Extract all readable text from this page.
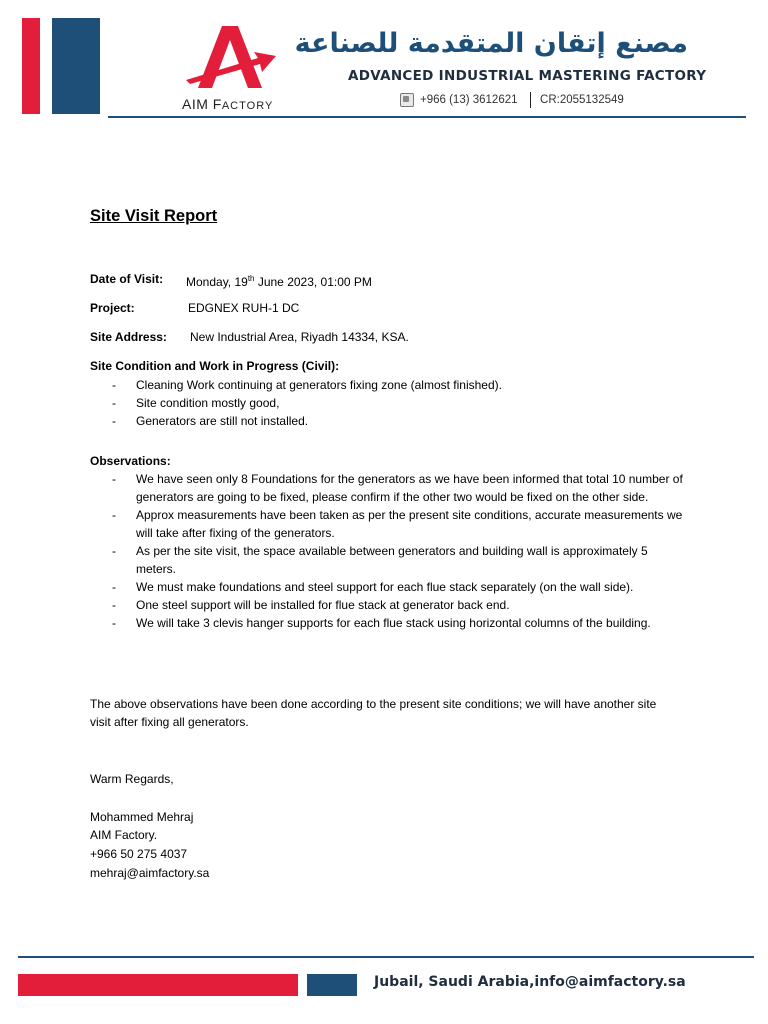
AIM FACTORY
مصنع إتقان المتقدمة للصناعة
ADVANCED INDUSTRIAL MASTERING FACTORY
+966 (13) 3612621 CR:2055132549
Site Visit Report
Date of Visit: Monday, 19th June 2023, 01:00 PM
Project:	EDGNEX RUH-1 DC
Site Address: New Industrial Area, Riyadh 14334, KSA.
Site Condition and Work in Progress (Civil):
- Cleaning Work continuing at generators fixing zone (almost finished).
- Site condition mostly good,
- Generators are still not installed.
Observations:
- We have seen only 8 Foundations for the generators as we have been informed that total 10 number of generators are going to be fixed, please confirm if the other two would be fixed on the other side.
- Approx measurements have been taken as per the present site conditions, accurate measurements we will take after fixing of the generators.
- As per the site visit, the space available between generators and building wall is approximately 5 meters.
- We must make foundations and steel support for each flue stack separately (on the wall side).
- One steel support will be installed for flue stack at generator back end.
- We will take 3 clevis hanger supports for each flue stack using horizontal columns of the building.
The above observations have been done according to the present site conditions; we will have another site visit after fixing all generators.
Warm Regards,
Mohammed Mehraj
AIM Factory.
+966 50 275 4037
mehraj@aimfactory.sa
Jubail, Saudi Arabia,info@aimfactory.sa
